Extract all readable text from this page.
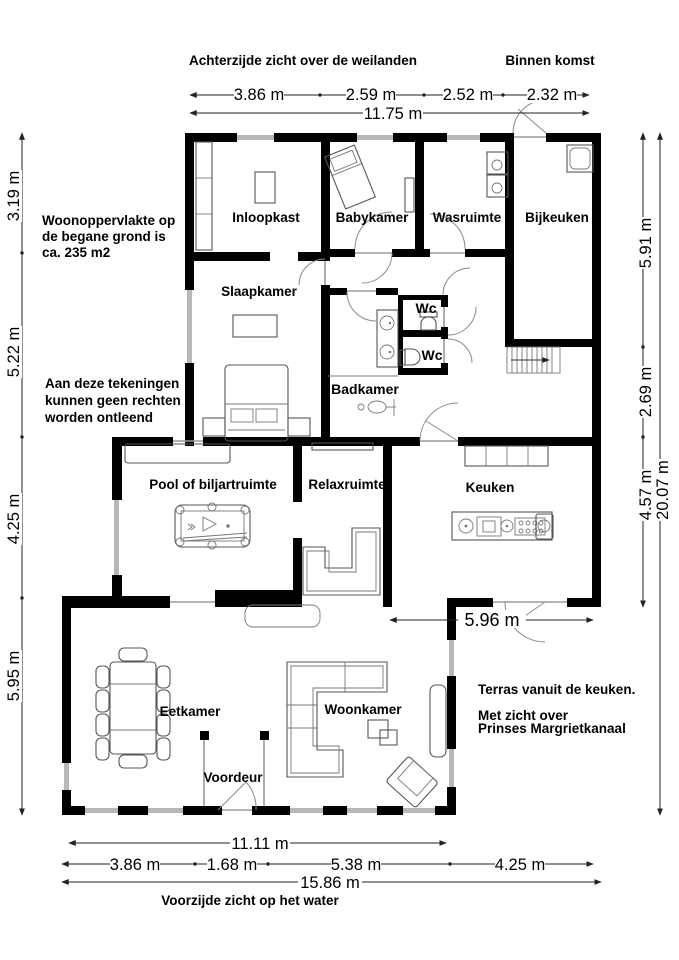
3.86 m	2.59 m	2.52 m 2.32 m
11.75 m
3.19 m
5.22 m
4.25 m
5.95 m
5.91 m
2.69 m
4.57 m 20.07 m
5.96 m
11.11 m
3.86 m	1.68 m	5.38 m	4.25 m
15.86 m
Inloopkast	Babykamer Wasruimte Bijkeuken
Slaapkamer
Wc
Wc
Badkamer
Pool of biljartruimte Relaxruimte	Keuken
Eetkamer	Woonkamer
Voordeur
Achterzijde zicht over de weilanden	Binnen komst
Woonoppervlakte op
de begane grond is
ca. 235 m2
Aan deze tekeningen
kunnen geen rechten
worden ontleend
Terras vanuit de keuken.
Met zicht over
Prinses Margrietkanaal
Voorzijde zicht op het water
